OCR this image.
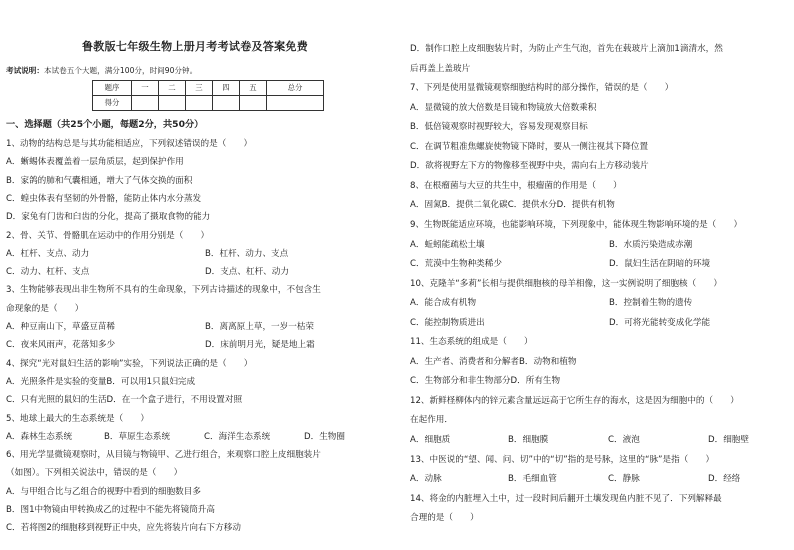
鲁教版七年级生物上册月考考试卷及答案免费
考试说明：本试卷五个大题，满分100分，时间90分钟。
题序	一	二	三	四	五	总分
得分						
一、选择题（共25个小题，每题2分，共50分）
1、动物的结构总是与其功能相适应，下列叙述错误的是（　　）
A．蜥蜴体表覆盖着一层角质层，起到保护作用
B．家鸽的肺和气囊相通，增大了气体交换的面积
C．蝗虫体表有坚韧的外骨骼，能防止体内水分蒸发
D．家兔有门齿和臼齿的分化，提高了摄取食物的能力
2、骨、关节、骨骼肌在运动中的作用分别是（　　）
A．杠杆、支点、动力	B．杠杆、动力、支点
C．动力、杠杆、支点	D．支点、杠杆、动力
3、生物能够表现出非生物所不具有的生命现象，下列古诗描述的现象中，不包含生
命现象的是（　　）
A．种豆南山下，草盛豆苗稀	B．离离原上草，一岁一枯荣
C．夜来风雨声，花落知多少	D．床前明月光，疑是地上霜
4、探究“光对鼠妇生活的影响”实验，下列说法正确的是（　　）
A．光照条件是实验的变量B．可以用1只鼠妇完成
C．只有光照的鼠妇的生活D．在一个盒子进行，不用设置对照
5、地球上最大的生态系统是（　　）
A．森林生态系统	B．草原生态系统	C．海洋生态系统	D．生物圈
6、用光学显微镜观察时，从目镜与物镜甲、乙进行组合，来观察口腔上皮细胞装片
（如图）。下列相关说法中，错误的是（　　）
A．与甲组合比与乙组合的视野中看到的细胞数目多
B．图1中物镜由甲转换成乙的过程中不能先将镜筒升高
C．若将图2的细胞移到视野正中央，应先将装片向右下方移动
D．制作口腔上皮细胞装片时，为防止产生气泡，首先在载玻片上滴加1滴清水，然
后再盖上盖玻片
7、下列是使用显微镜观察细胞结构时的部分操作，错误的是（　　）
A．显微镜的放大倍数是目镜和物镜放大倍数乘积
B．低倍镜观察时视野较大，容易发现观察目标
C．在调节粗准焦螺旋使物镜下降时，要从一侧注视其下降位置
D．欲将视野左下方的物像移至视野中央，需向右上方移动装片
8、在根瘤菌与大豆的共生中，根瘤菌的作用是（　　）
A．固氮B．提供二氧化碳C．提供水分D．提供有机物
9、生物既能适应环境，也能影响环境，下列现象中，能体现生物影响环境的是（　　）
A．蚯蚓能疏松土壤	B．水质污染造成赤潮
C．荒漠中生物种类稀少	D．鼠妇生活在阴暗的环境
10、克隆羊“多莉”长相与提供细胞核的母羊相像，这一实例说明了细胞核（　　）
A．能合成有机物	B．控制着生物的遗传
C．能控制物质进出	D．可将光能转变成化学能
11、生态系统的组成是（　　）
A．生产者、消费者和分解者B．动物和植物
C．生物部分和非生物部分D．所有生物
12、新鲜柽柳体内的锌元素含量远远高于它所生存的海水，这是因为细胞中的（　　）
在起作用．
A．细胞质	B．细胞膜	C．液泡	D．细胞壁
13、中医说的“望、闻、问、切”中的“切”指的是号脉，这里的“脉”是指（　　）
A．动脉	B．毛细血管	C．静脉	D．经络
14、将金的内脏埋入土中，过一段时间后翻开土壤发现鱼内脏不见了．下列解释最
合理的是（　　）
